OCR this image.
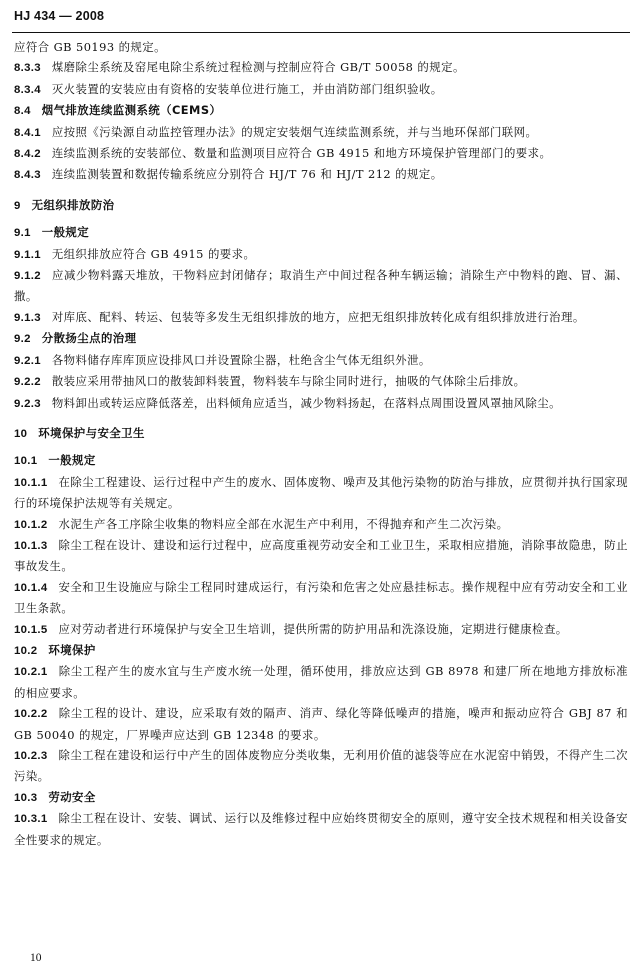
HJ 434 — 2008

应符合 GB 50193 的规定。

8.3.3 煤磨除尘系统及窑尾电除尘系统过程检测与控制应符合 GB/T 50058 的规定。

8.3.4 灭火装置的安装应由有资格的安装单位进行施工，并由消防部门组织验收。

8.4 烟气排放连续监测系统（CEMS）

8.4.1 应按照《污染源自动监控管理办法》的规定安装烟气连续监测系统，并与当地环保部门联网。

8.4.2 连续监测系统的安装部位、数量和监测项目应符合 GB 4915 和地方环境保护管理部门的要求。

8.4.3 连续监测装置和数据传输系统应分别符合 HJ/T 76 和 HJ/T 212 的规定。

9 无组织排放防治

9.1 一般规定

9.1.1 无组织排放应符合 GB 4915 的要求。

9.1.2 应减少物料露天堆放，干物料应封闭储存；取消生产中间过程各种车辆运输；消除生产中物料的跑、冒、漏、撒。

9.1.3 对库底、配料、转运、包装等多发生无组织排放的地方，应把无组织排放转化成有组织排放进行治理。

9.2 分散扬尘点的治理

9.2.1 各物料储存库库顶应设排风口并设置除尘器，杜绝含尘气体无组织外泄。

9.2.2 散装应采用带抽风口的散装卸料装置，物料装车与除尘同时进行，抽吸的气体除尘后排放。

9.2.3 物料卸出或转运应降低落差，出料倾角应适当，减少物料扬起，在落料点周围设置风罩抽风除尘。

10 环境保护与安全卫生

10.1 一般规定

10.1.1 在除尘工程建设、运行过程中产生的废水、固体废物、噪声及其他污染物的防治与排放，应贯彻并执行国家现行的环境保护法规等有关规定。

10.1.2 水泥生产各工序除尘收集的物料应全部在水泥生产中利用，不得抛弃和产生二次污染。

10.1.3 除尘工程在设计、建设和运行过程中，应高度重视劳动安全和工业卫生，采取相应措施，消除事故隐患，防止事故发生。

10.1.4 安全和卫生设施应与除尘工程同时建成运行，有污染和危害之处应悬挂标志。操作规程中应有劳动安全和工业卫生条款。

10.1.5 应对劳动者进行环境保护与安全卫生培训，提供所需的防护用品和洗涤设施，定期进行健康检查。

10.2 环境保护

10.2.1 除尘工程产生的废水宜与生产废水统一处理，循环使用，排放应达到 GB 8978 和建厂所在地地方排放标准的相应要求。

10.2.2 除尘工程的设计、建设，应采取有效的隔声、消声、绿化等降低噪声的措施，噪声和振动应符合 GBJ 87 和 GB 50040 的规定，厂界噪声应达到 GB 12348 的要求。

10.2.3 除尘工程在建设和运行中产生的固体废物应分类收集，无利用价值的滤袋等应在水泥窑中销毁，不得产生二次污染。

10.3 劳动安全

10.3.1 除尘工程在设计、安装、调试、运行以及维修过程中应始终贯彻安全的原则，遵守安全技术规程和相关设备安全性要求的规定。

10
